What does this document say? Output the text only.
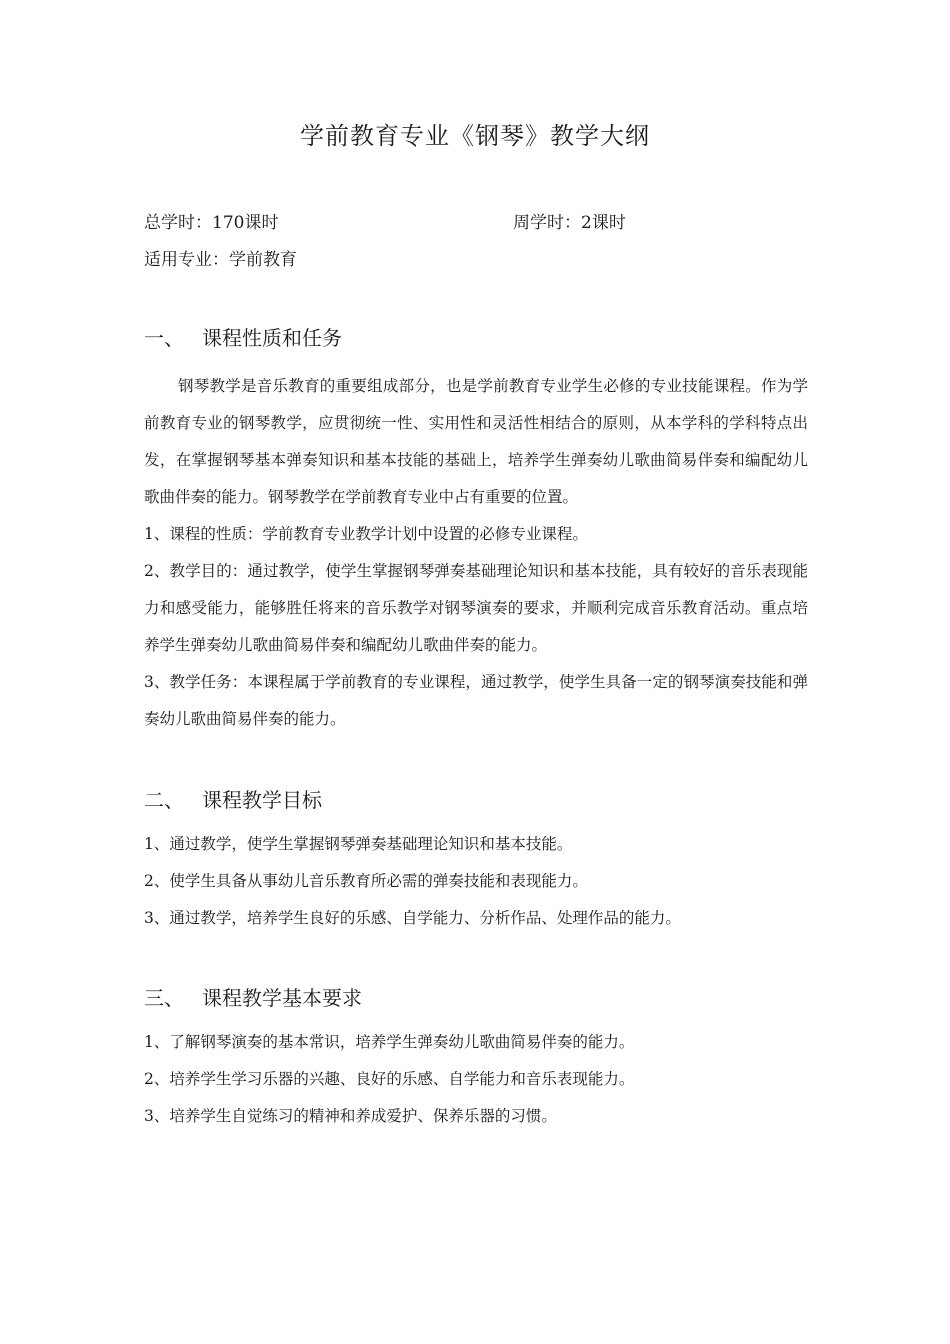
学前教育专业《钢琴》教学大纲
总学时：170课时	周学时：2课时
适用专业：学前教育
一、 课程性质和任务

钢琴教学是音乐教育的重要组成部分，也是学前教育专业学生必修的专业技能课程。作为学前教育专业的钢琴教学，应贯彻统一性、实用性和灵活性相结合的原则，从本学科的学科特点出发，在掌握钢琴基本弹奏知识和基本技能的基础上，培养学生弹奏幼儿歌曲简易伴奏和编配幼儿歌曲伴奏的能力。钢琴教学在学前教育专业中占有重要的位置。

1、课程的性质：学前教育专业教学计划中设置的必修专业课程。

2、教学目的：通过教学，使学生掌握钢琴弹奏基础理论知识和基本技能，具有较好的音乐表现能力和感受能力，能够胜任将来的音乐教学对钢琴演奏的要求，并顺利完成音乐教育活动。重点培养学生弹奏幼儿歌曲简易伴奏和编配幼儿歌曲伴奏的能力。

3、教学任务：本课程属于学前教育的专业课程，通过教学，使学生具备一定的钢琴演奏技能和弹奏幼儿歌曲简易伴奏的能力。

二、 课程教学目标

1、通过教学，使学生掌握钢琴弹奏基础理论知识和基本技能。

2、使学生具备从事幼儿音乐教育所必需的弹奏技能和表现能力。

3、通过教学，培养学生良好的乐感、自学能力、分析作品、处理作品的能力。

三、 课程教学基本要求

1、了解钢琴演奏的基本常识，培养学生弹奏幼儿歌曲简易伴奏的能力。

2、培养学生学习乐器的兴趣、良好的乐感、自学能力和音乐表现能力。

3、培养学生自觉练习的精神和养成爱护、保养乐器的习惯。
